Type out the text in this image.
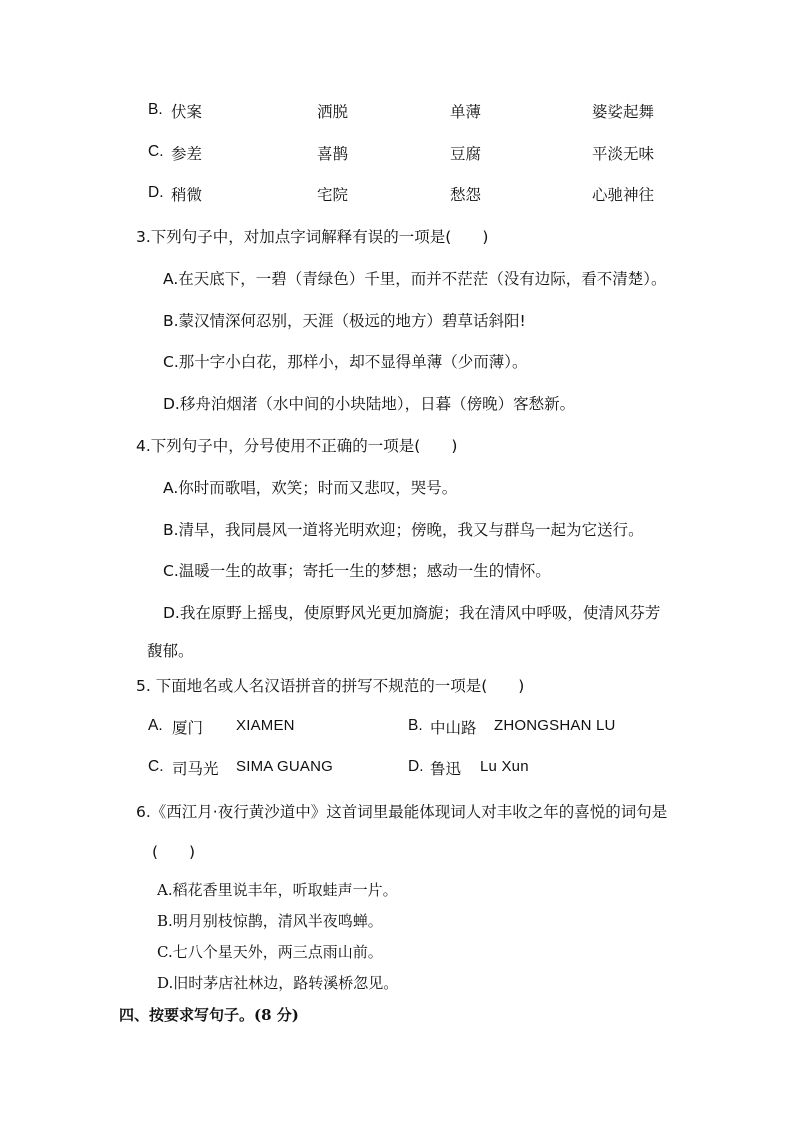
B. 伏案	洒脱	单薄	婆娑起舞
C. 参差	喜鹊	豆腐	平淡无味
D. 稍微	宅院	愁怨	心驰神往
3.下列句子中，对加点字词解释有误的一项是(　　)
A.在天底下，一碧（青绿色）千里，而并不茫茫（没有边际，看不清楚）。
B.蒙汉情深何忍别，天涯（极远的地方）碧草话斜阳!
C.那十字小白花，那样小，却不显得单薄（少而薄）。
D.移舟泊烟渚（水中间的小块陆地），日暮（傍晚）客愁新。
4.下列句子中，分号使用不正确的一项是(　　)
A.你时而歌唱，欢笑；时而又悲叹，哭号。
B.清早，我同晨风一道将光明欢迎；傍晚，我又与群鸟一起为它送行。
C.温暖一生的故事；寄托一生的梦想；感动一生的情怀。
D.我在原野上摇曳，使原野风光更加旖旎；我在清风中呼吸，使清风芬芳
馥郁。
5. 下面地名或人名汉语拼音的拼写不规范的一项是(　　)
A. 厦门 XIAMEN	B. 中山路 ZHONGSHAN LU
C. 司马光 SIMA GUANG	D. 鲁迅 Lu Xun
6.《西江月·夜行黄沙道中》这首词里最能体现词人对丰收之年的喜悦的词句是
(　　)
A.稻花香里说丰年，听取蛙声一片。
B.明月别枝惊鹊，清风半夜鸣蝉。
C.七八个星天外，两三点雨山前。
D.旧时茅店社林边，路转溪桥忽见。
四、按要求写句子。(8 分)
